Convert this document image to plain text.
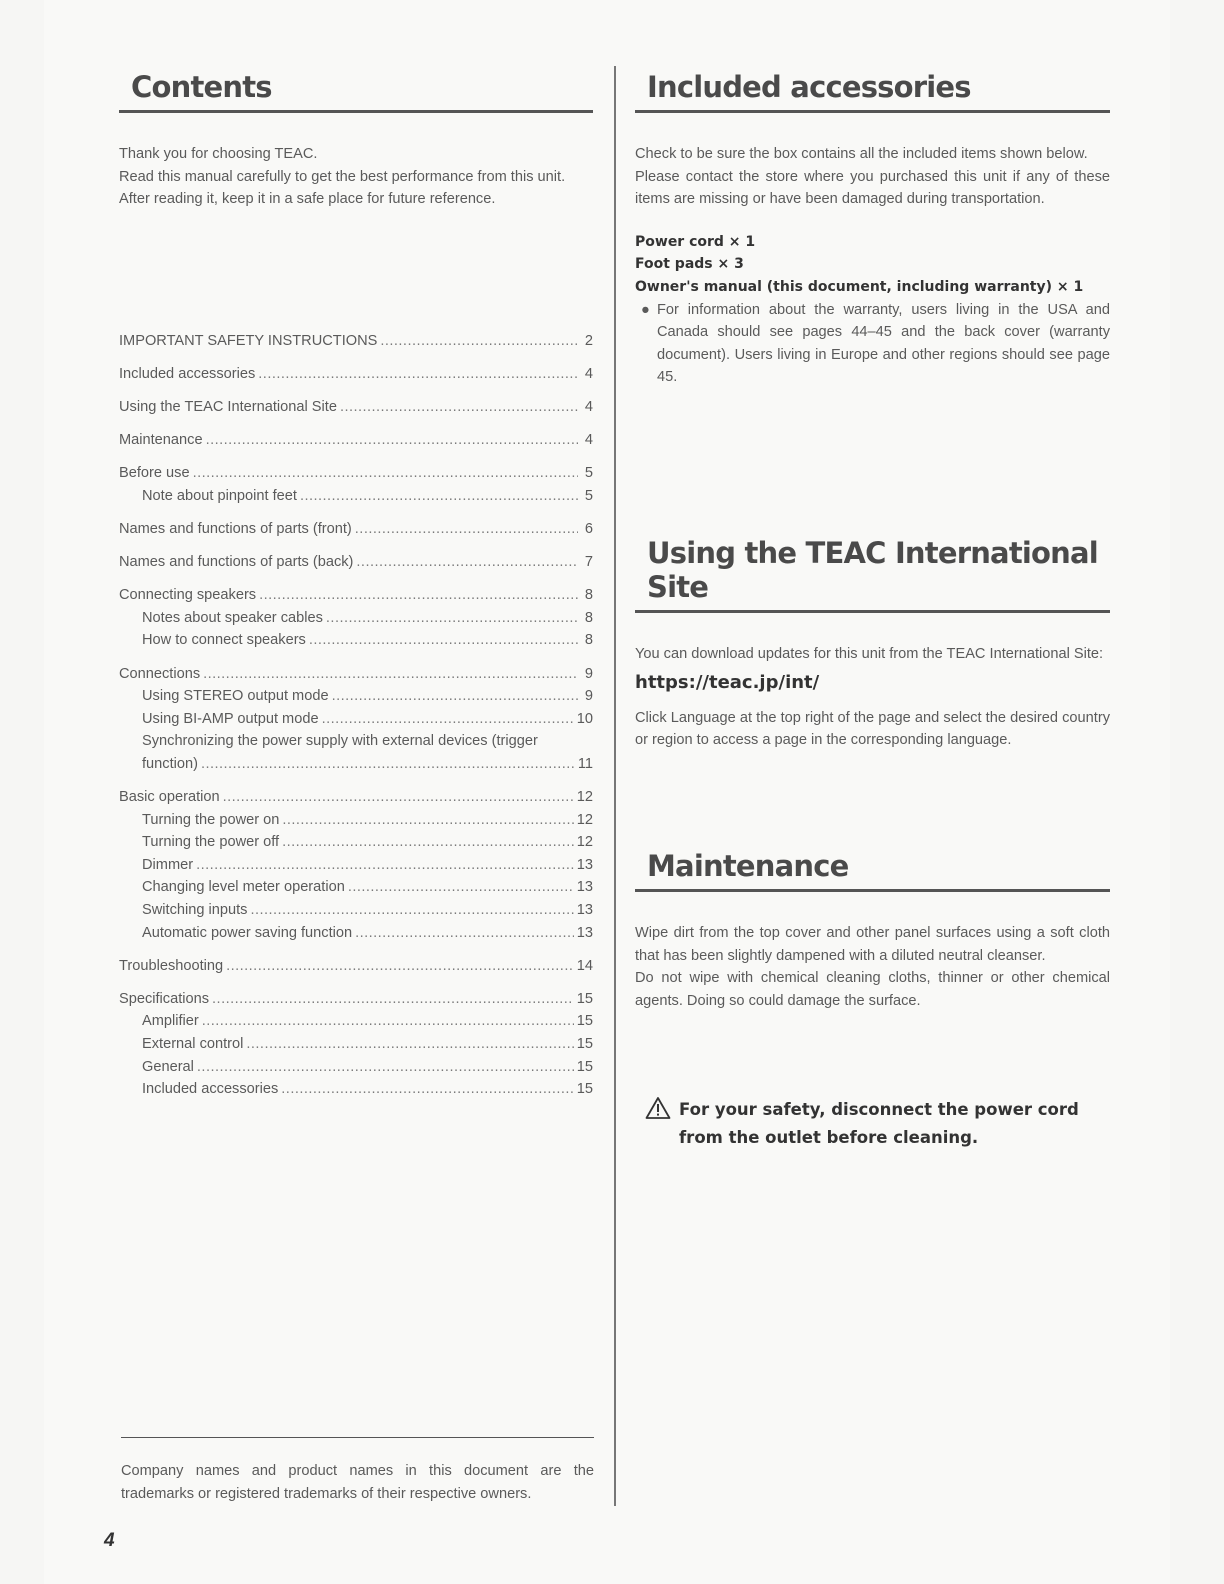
Contents

Thank you for choosing TEAC.

Read this manual carefully to get the best performance from this unit.

After reading it, keep it in a safe place for future reference.

IMPORTANT SAFETY INSTRUCTIONS . . .	2
Included accessories . . .	4
Using the TEAC International Site . . .	4
Maintenance . . .	4
Before use . . .	5
Note about pinpoint feet . . .	5
Names and functions of parts (front) . . .	6
Names and functions of parts (back) . . .	7
Connecting speakers . . .	8
Notes about speaker cables . . .	8
How to connect speakers . . .	8
Connections . . .	9
Using STEREO output mode . . .	9
Using BI-AMP output mode . . .	10
Synchronizing the power supply with external devices (trigger
function) . . .	11
Basic operation . . .	12
Turning the power on . . .	12
Turning the power off . . .	12
Dimmer . . .	13
Changing level meter operation . . .	13
Switching inputs . . .	13
Automatic power saving function . . .	13
Troubleshooting . . .	14
Specifications . . .	15
Amplifier . . .	15
External control . . .	15
General . . .	15
Included accessories . . .	15
Company names and product names in this document are the trademarks or registered trademarks of their respective owners.
4
Included accessories

Check to be sure the box contains all the included items shown below.

Please contact the store where you purchased this unit if any of these items are missing or have been damaged during transportation.

Power cord × 1
Foot pads × 3
Owner's manual (this document, including warranty) × 1
● For information about the warranty, users living in the USA and Canada should see pages 44–45 and the back cover (warranty document). Users living in Europe and other regions should see page 45.
Using the TEAC International Site

You can download updates for this unit from the TEAC International Site:

https://teac.jp/int/

Click Language at the top right of the page and select the desired country or region to access a page in the corresponding language.

Maintenance

Wipe dirt from the top cover and other panel surfaces using a soft cloth that has been slightly dampened with a diluted neutral cleanser.

Do not wipe with chemical cleaning cloths, thinner or other chemical agents. Doing so could damage the surface.

For your safety, disconnect the power cord from the outlet before cleaning.
